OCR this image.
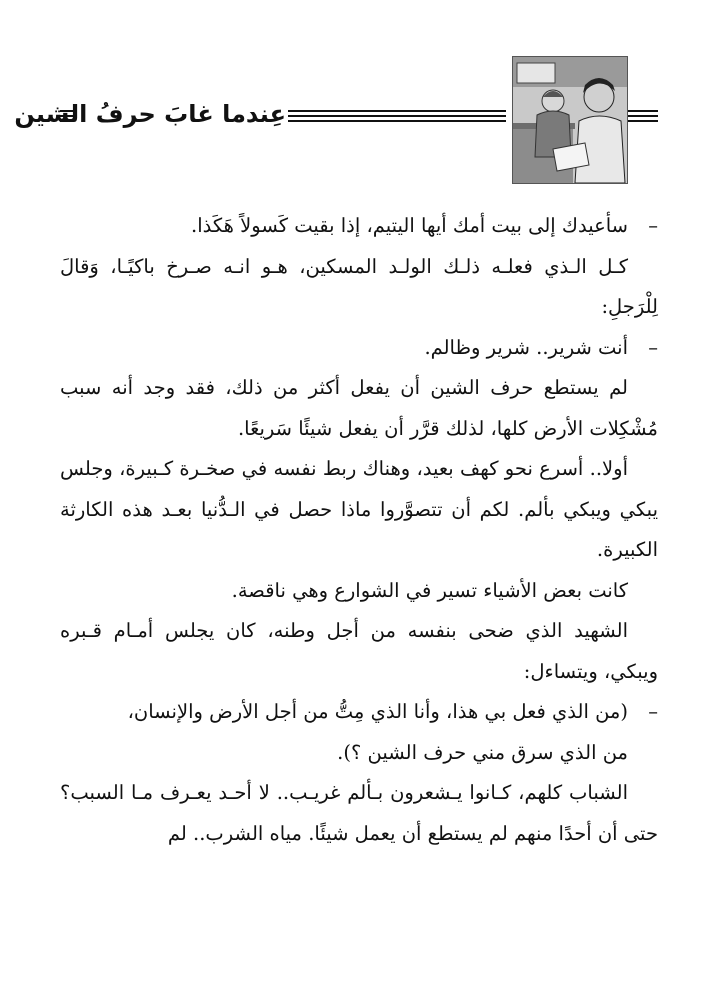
عِندما غابَ حرفُ الشين

–سأعيدك إلى بيت أمك أيها اليتيم، إذا بقيت كَسولاً هَكَذا.

كـل الـذي فعلـه ذلـك الولـد المسكين، هـو انـه صـرخ باكيًـا، وَقالَ لِلْرَجلِ:

–أنت شرير.. شرير وظالم.

لم يستطع حرف الشين أن يفعل أكثر من ذلك، فقد وجد أنه سبب مُشْكِلات الأرض كلها، لذلك قرَّر أن يفعل شيئًا سَريعًا.

أولا.. أسرع نحو كهف بعيد، وهناك ربط نفسه في صخـرة كـبيرة، وجلس يبكي ويبكي بألم. لكم أن تتصوَّروا ماذا حصل في الـدُّنيا بعـد هذه الكارثة الكبيرة.

كانت بعض الأشياء تسير في الشوارع وهي ناقصة.

الشهيد الذي ضحى بنفسه من أجل وطنه، كان يجلس أمـام قـبره ويبكي، ويتساءل:

–(من الذي فعل بي هذا، وأنا الذي مِتُّ من أجل الأرض والإنسان،
من الذي سرق مني حرف الشين ؟).

الشباب كلهم، كـانوا يـشعرون بـألم غريـب.. لا أحـد يعـرف مـا السبب؟ حتى أن أحدًا منهم لم يستطع أن يعمل شيئًا. مياه الشرب.. لم
